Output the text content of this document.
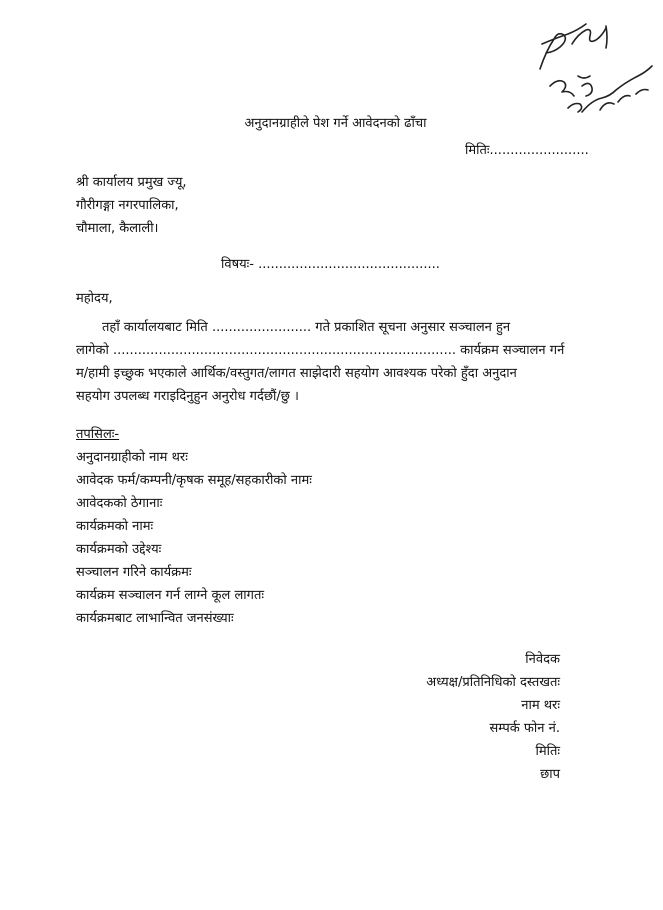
अनुदानग्राहीले पेश गर्ने आवेदनको ढाँचा
मितिः........................
श्री कार्यालय प्रमुख ज्यू,
गौरीगङ्गा नगरपालिका,
चौमाला, कैलाली।
विषयः- ............................................
महोदय,
तहाँ कार्यालयबाट मिति ........................ गते प्रकाशित सूचना अनुसार सञ्चालन हुन
लागेको ................................................................................... कार्यक्रम सञ्चालन गर्न
म/हामी इच्छुक भएकाले आर्थिक/वस्तुगत/लागत साझेदारी सहयोग आवश्यक परेको हुँदा अनुदान
सहयोग उपलब्ध गराइदिनुहुन अनुरोध गर्दछौं/छु ।
तपसिलः-
अनुदानग्राहीको नाम थरः
आवेदक फर्म/कम्पनी/कृषक समूह/सहकारीको नामः
आवेदकको ठेगानाः
कार्यक्रमको नामः
कार्यक्रमको उद्देश्यः
सञ्चालन गरिने कार्यक्रमः
कार्यक्रम सञ्चालन गर्न लाग्ने कूल लागतः
कार्यक्रमबाट लाभान्वित जनसंख्याः
निवेदक
अध्यक्ष/प्रतिनिधिको दस्तखतः
नाम थरः
सम्पर्क फोन नं.
मितिः
छाप
